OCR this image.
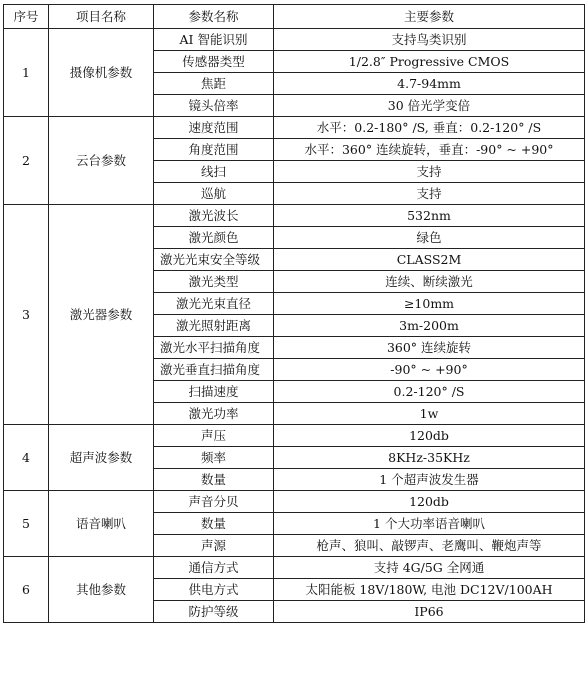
序号	项目名称	参数名称	主要参数
1	摄像机参数	AI 智能识别	支持鸟类识别
		传感器类型	1/2.8″ Progressive CMOS
		焦距	4.7-94mm
		镜头倍率	30 倍光学变倍
2	云台参数	速度范围	水平：0.2-180° /S, 垂直：0.2-120° /S
		角度范围	水平：360° 连续旋转，垂直：-90° ~ +90°
		线扫	支持
		巡航	支持
3	激光器参数	激光波长	532nm
		激光颜色	绿色
		激光光束安全等级	CLASS2M
		激光类型	连续、断续激光
		激光光束直径	≥10mm
		激光照射距离	3m-200m
		激光水平扫描角度	360° 连续旋转
		激光垂直扫描角度	-90° ~ +90°
		扫描速度	0.2-120° /S
		激光功率	1w
4	超声波参数	声压	120db
		频率	8KHz-35KHz
		数量	1 个超声波发生器
5	语音喇叭	声音分贝	120db
		数量	1 个大功率语音喇叭
		声源	枪声、狼叫、敲锣声、老鹰叫、鞭炮声等
6	其他参数	通信方式	支持 4G/5G 全网通
		供电方式	太阳能板 18V/180W, 电池 DC12V/100AH
		防护等级	IP66
